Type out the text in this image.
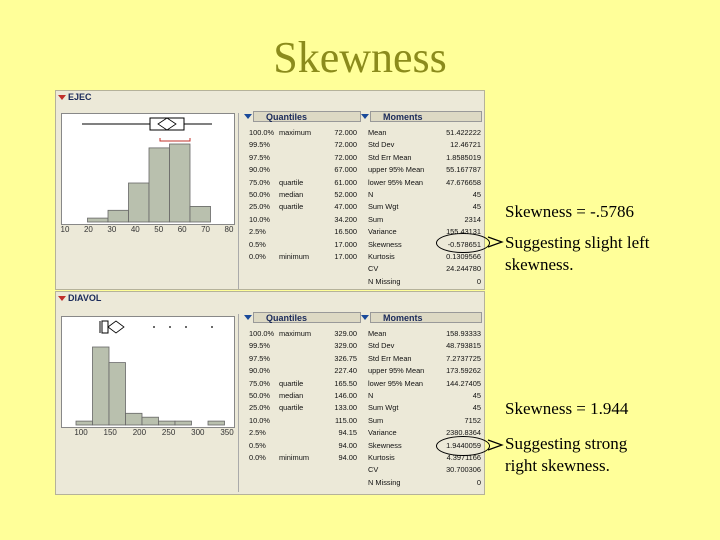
Skewness
EJEC
10 20 30 40 50 60 70 80
Quantiles	Moments
100.0% maximum	72.000
99.5%	72.000
97.5%	72.000
90.0%	67.000
75.0% quartile	61.000
50.0% median	52.000
25.0% quartile	47.000
10.0%	34.200
2.5%	16.500
0.5%	17.000
0.0% minimum	17.000
Mean	51.422222
Std Dev	12.46721
Std Err Mean	1.8585019
upper 95% Mean	55.167787
lower 95% Mean	47.676658
N	45
Sum Wgt	45
Sum	2314
Variance	155.43131
Skewness	-0.578651
Kurtosis	0.1309566
CV	24.244780
N Missing	0
DIAVOL
100 150 200 250 300 350
Quantiles	Moments
100.0% maximum	329.00
99.5%	329.00
97.5%	326.75
90.0%	227.40
75.0% quartile	165.50
50.0% median	146.00
25.0% quartile	133.00
10.0%	115.00
2.5%	94.15
0.5%	94.00
0.0% minimum	94.00
Mean	158.93333
Std Dev	48.793815
Std Err Mean	7.2737725
upper 95% Mean	173.59262
lower 95% Mean	144.27405
N	45
Sum Wgt	45
Sum	7152
Variance	2380.8364
Skewness	1.9440059
Kurtosis	4.3971166
CV	30.700306
N Missing	0
Skewness = -.5786
Suggesting slight left
skewness.
Skewness = 1.944
Suggesting strong
right skewness.
